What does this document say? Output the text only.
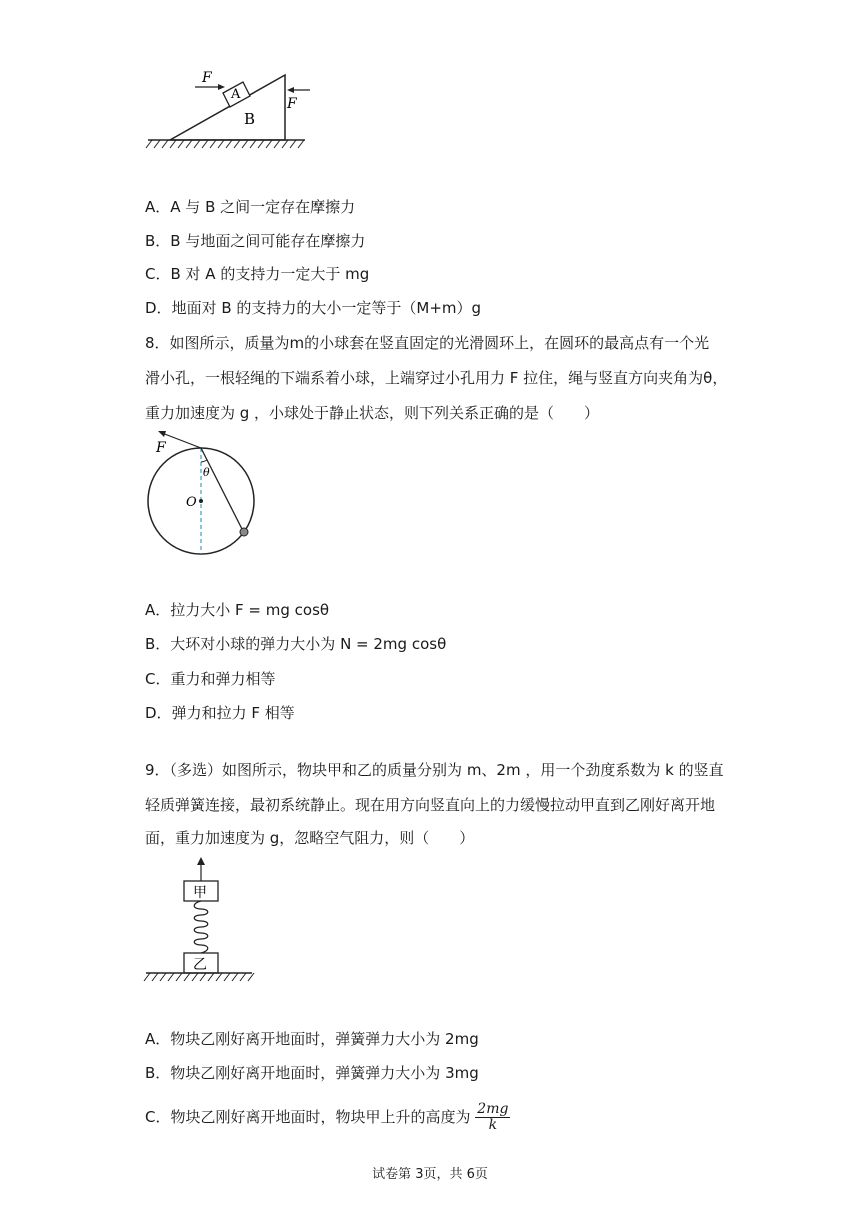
F
F
A
B
A．A 与 B 之间一定存在摩擦力
B．B 与地面之间可能存在摩擦力
C．B 对 A 的支持力一定大于 mg
D．地面对 B 的支持力的大小一定等于（M+m）g
8．如图所示，质量为m的小球套在竖直固定的光滑圆环上，在圆环的最高点有一个光
滑小孔，一根轻绳的下端系着小球，上端穿过小孔用力 F 拉住，绳与竖直方向夹角为θ，
重力加速度为 g ，小球处于静止状态，则下列关系正确的是（　　）
F
θ
O
A．拉力大小 F = mg cosθ
B．大环对小球的弹力大小为 N = 2mg cosθ
C．重力和弹力相等
D．弹力和拉力 F 相等
9．（多选）如图所示，物块甲和乙的质量分别为 m、2m ，用一个劲度系数为 k 的竖直
轻质弹簧连接，最初系统静止。现在用方向竖直向上的力缓慢拉动甲直到乙刚好离开地
面，重力加速度为 g，忽略空气阻力，则（　　）
甲
乙
A．物块乙刚好离开地面时，弹簧弹力大小为 2mg
B．物块乙刚好离开地面时，弹簧弹力大小为 3mg
C．物块乙刚好离开地面时，物块甲上升的高度为 $\frac{2mg}{k}$
试卷第 3页，共 6页
